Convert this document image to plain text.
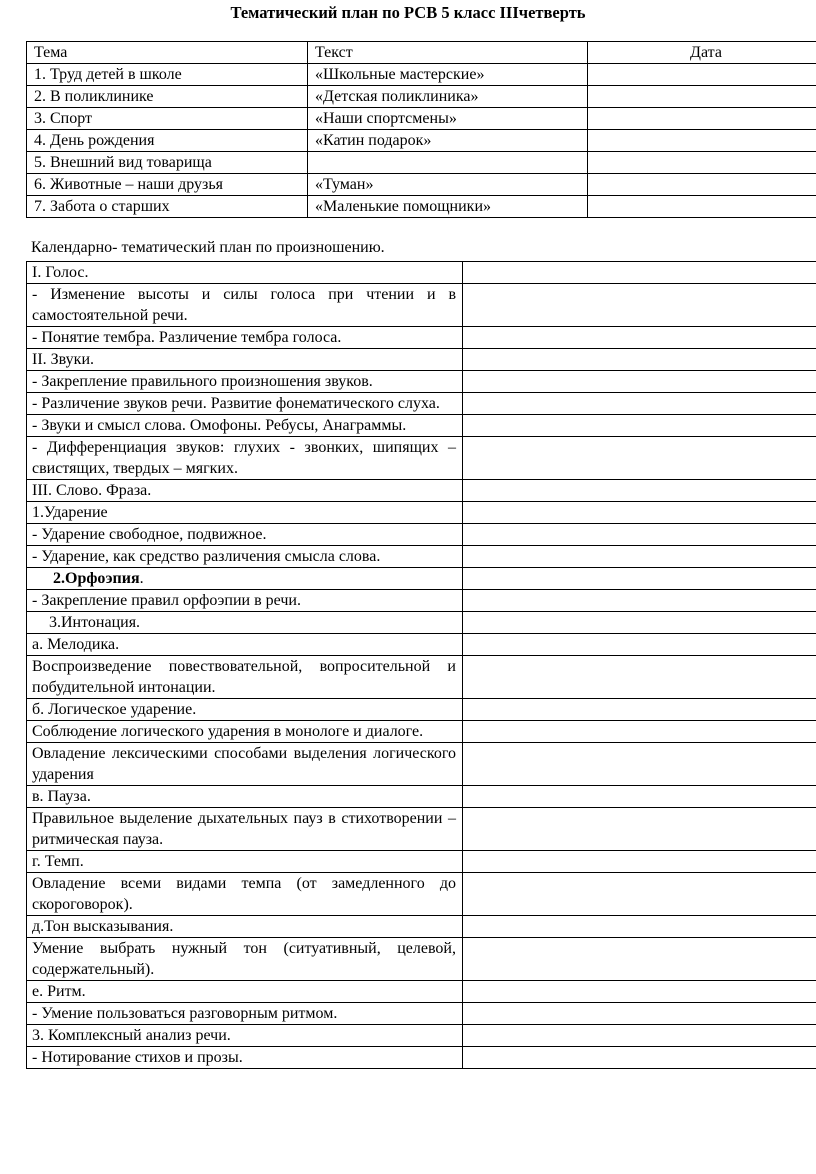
Тематический план по РСВ 5 класс IIIчетверть
Тема	Текст	Дата
1. Труд детей в школе	«Школьные мастерские»	
2. В поликлинике	«Детская поликлиника»	
3. Спорт	«Наши спортсмены»	
4. День рождения	«Катин подарок»	
5. Внешний вид товарища		
6. Животные – наши друзья	«Туман»	
7. Забота о старших	«Маленькие помощники»	
Календарно- тематический план по произношению.
I. Голос.	
- Изменение высоты и силы голоса при чтении и в самостоятельной речи.	
- Понятие тембра. Различение тембра голоса.	
II. Звуки.	
- Закрепление правильного произношения звуков.	
- Различение звуков речи. Развитие фонематического слуха.	
- Звуки и смысл слова. Омофоны. Ребусы, Анаграммы.	
- Дифференциация звуков: глухих - звонких, шипящих – свистящих, твердых – мягких.	
III. Слово. Фраза.	
1.Ударение	
- Ударение свободное, подвижное.	
- Ударение, как средство различения смысла слова.	
2.Орфоэпия.	
- Закрепление правил орфоэпии в речи.	
3.Интонация.	
а. Мелодика.	
Воспроизведение повествовательной, вопросительной и побудительной интонации.	
б. Логическое ударение.	
Соблюдение логического ударения в монологе и диалоге.	
Овладение лексическими способами выделения логического ударения	
в. Пауза.	
Правильное выделение дыхательных пауз в стихотворении – ритмическая пауза.	
г. Темп.	
Овладение всеми видами темпа (от замедленного до скороговорок).	
д.Тон высказывания.	
Умение выбрать нужный тон (ситуативный, целевой, содержательный).	
е. Ритм.	
- Умение пользоваться разговорным ритмом.	
3. Комплексный анализ речи.	
- Нотирование стихов и прозы.	
